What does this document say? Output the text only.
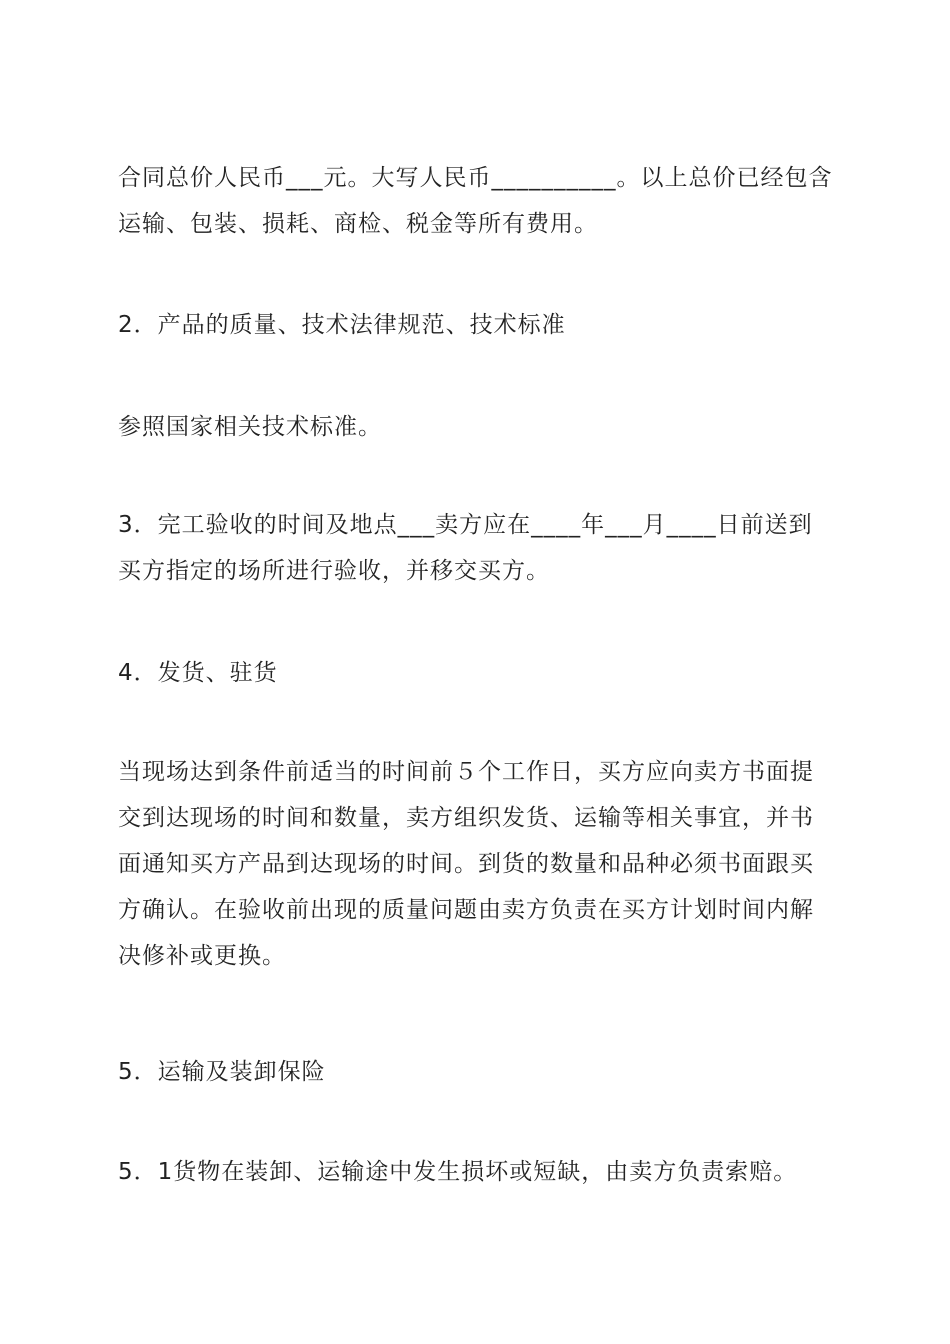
合同总价人民币___元。大写人民币__________。以上总价已经包含运输、包装、损耗、商检、税金等所有费用。

2．产品的质量、技术法律规范、技术标准

参照国家相关技术标准。

3．完工验收的时间及地点___卖方应在____年___月____日前送到买方指定的场所进行验收，并移交买方。

4．发货、驻货

当现场达到条件前适当的时间前５个工作日，买方应向卖方书面提交到达现场的时间和数量，卖方组织发货、运输等相关事宜，并书面通知买方产品到达现场的时间。到货的数量和品种必须书面跟买方确认。在验收前出现的质量问题由卖方负责在买方计划时间内解决修补或更换。

5．运输及装卸保险

5．1货物在装卸、运输途中发生损坏或短缺，由卖方负责索赔。
